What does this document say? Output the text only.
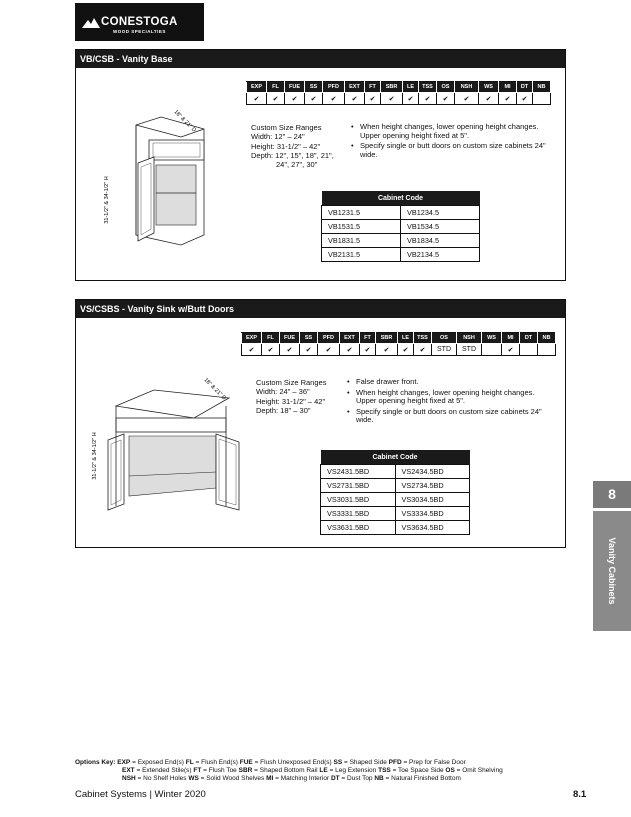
CONESTOGA
WOOD SPECIALTIES
VB/CSB - Vanity Base
EXP	FL	FUE	SS	PFD	EXT	FT	SBR	LE	TSS	OS	NSH	WS	MI	DT	NB
✔	✔	✔	✔	✔	✔	✔	✔	✔	✔	✔	✔	✔	✔	✔	
31-1/2" & 34-1/2" H
18" & 21" D	Custom Size Ranges
Width: 12" – 24"
Height: 31-1/2" – 42"
Depth: 12", 15", 18", 21",
24", 27", 30"
• When height changes, lower opening height changes. Upper opening height fixed at 5".
• Specify single or butt doors on custom size cabinets 24" wide.
Cabinet Code	
VB1231.5	VB1234.5
VB1531.5	VB1534.5
VB1831.5	VB1834.5
VB2131.5	VB2134.5
VS/CSBS - Vanity Sink w/Butt Doors
EXP	FL	FUE	SS	PFD	EXT	FT	SBR	LE	TSS	OS	NSH	WS	MI	DT	NB
✔	✔	✔	✔	✔	✔	✔	✔	✔	✔	STD	STD		✔		
31-1/2" & 34-1/2" H
18" & 21" D	Custom Size Ranges
Width: 24" – 36"
Height: 31-1/2" – 42"
Depth: 18" – 30"
• False drawer front.
• When height changes, lower opening height changes. Upper opening height fixed at 5".
• Specify single or butt doors on custom size cabinets 24" wide.
Cabinet Code	
VS2431.5BD	VS2434.5BD
VS2731.5BD	VS2734.5BD
VS3031.5BD	VS3034.5BD
VS3331.5BD	VS3334.5BD
VS3631.5BD	VS3634.5BD
8
Vanity Cabinets
Options Key: EXP = Exposed End(s) FL = Flush End(s) FUE = Flush Unexposed End(s) SS = Shaped Side PFD = Prep for False Door
EXT = Extended Stile(s) FT = Flush Toe SBR = Shaped Bottom Rail LE = Leg Extension TSS = Toe Space Side OS = Omit Shelving
NSH = No Shelf Holes WS = Solid Wood Shelves MI = Matching Interior DT = Dust Top NB = Natural Finished Bottom
Cabinet Systems | Winter 2020	8.1
